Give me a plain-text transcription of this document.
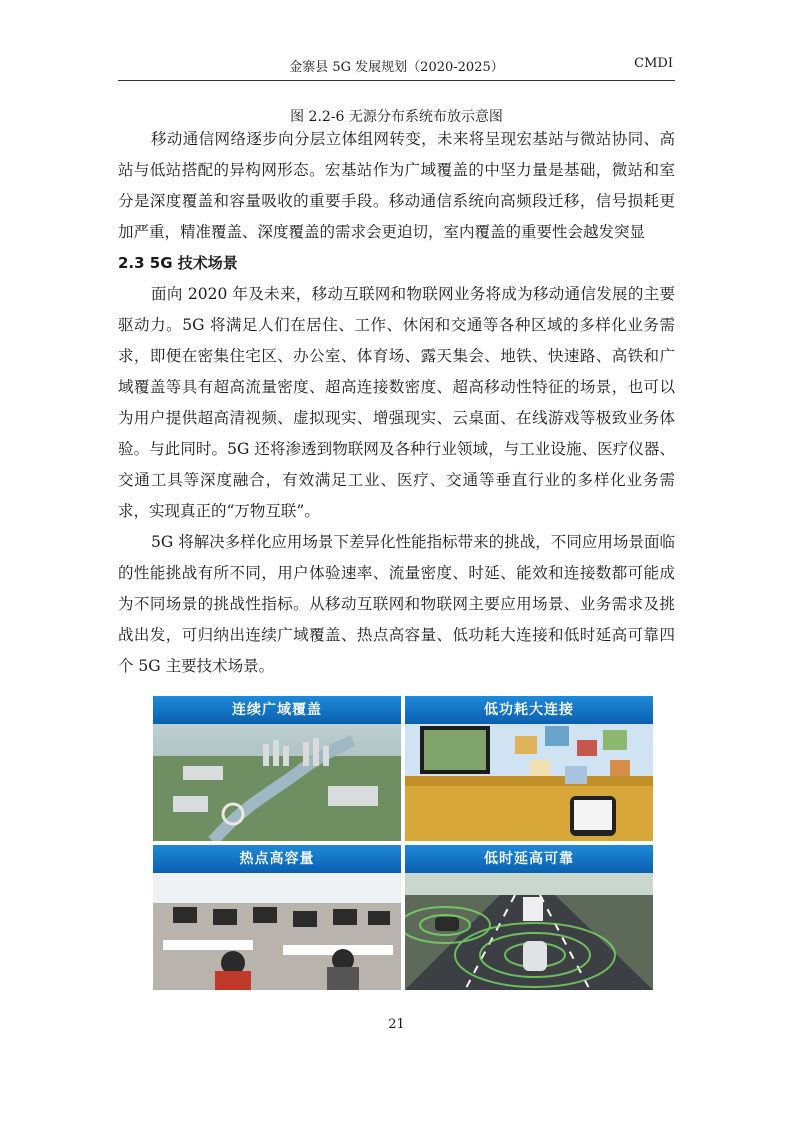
金寨县 5G 发展规划（2020-2025）	CMDI
图 2.2-6 无源分布系统布放示意图

移动通信网络逐步向分层立体组网转变，未来将呈现宏基站与微站协同、高站与低站搭配的异构网形态。宏基站作为广域覆盖的中坚力量是基础，微站和室分是深度覆盖和容量吸收的重要手段。移动通信系统向高频段迁移，信号损耗更加严重，精准覆盖、深度覆盖的需求会更迫切，室内覆盖的重要性会越发突显

2.3 5G 技术场景

面向 2020 年及未来，移动互联网和物联网业务将成为移动通信发展的主要驱动力。5G 将满足人们在居住、工作、休闲和交通等各种区域的多样化业务需求，即便在密集住宅区、办公室、体育场、露天集会、地铁、快速路、高铁和广域覆盖等具有超高流量密度、超高连接数密度、超高移动性特征的场景，也可以为用户提供超高清视频、虚拟现实、增强现实、云桌面、在线游戏等极致业务体验。与此同时。5G 还将渗透到物联网及各种行业领域，与工业设施、医疗仪器、交通工具等深度融合，有效满足工业、医疗、交通等垂直行业的多样化业务需求，实现真正的“万物互联”。

5G 将解决多样化应用场景下差异化性能指标带来的挑战，不同应用场景面临的性能挑战有所不同，用户体验速率、流量密度、时延、能效和连接数都可能成为不同场景的挑战性指标。从移动互联网和物联网主要应用场景、业务需求及挑战出发，可归纳出连续广域覆盖、热点高容量、低功耗大连接和低时延高可靠四个 5G 主要技术场景。

连续广域覆盖	低功耗大连接
热点高容量	低时延高可靠
21
